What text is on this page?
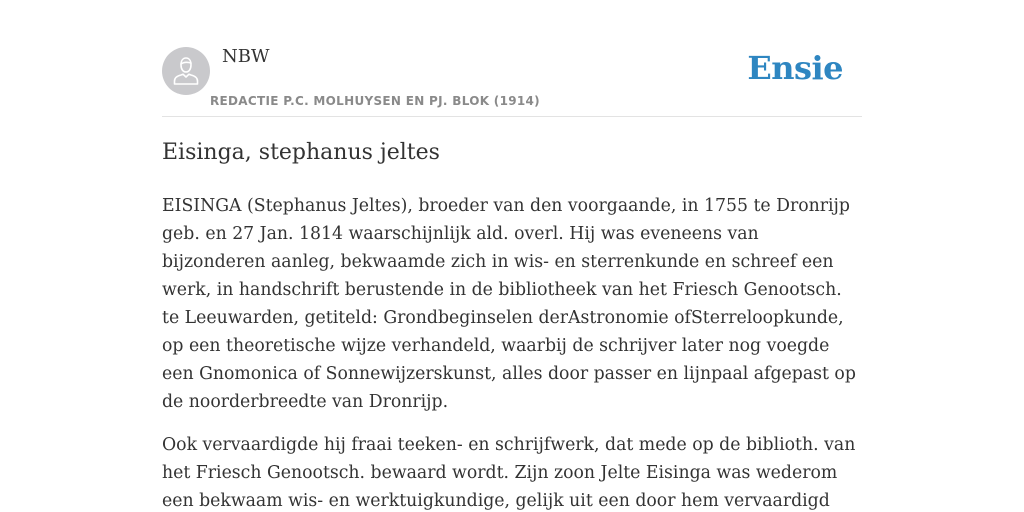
NBW
REDACTIE P.C. MOLHUYSEN EN PJ. BLOK (1914)
Ensie
Eisinga, stephanus jeltes

EISINGA (Stephanus Jeltes), broeder van den voorgaande, in 1755 te Dronrijp geb. en 27 Jan. 1814 waarschijnlijk ald. overl. Hij was eveneens van bijzonderen aanleg, bekwaamde zich in wis- en sterrenkunde en schreef een werk, in handschrift berustende in de bibliotheek van het Friesch Genootsch. te Leeuwarden, getiteld: Grondbeginselen derAstronomie ofSterreloopkunde, op een theoretische wijze verhandeld, waarbij de schrijver later nog voegde een Gnomonica of Sonnewijzerskunst, alles door passer en lijnpaal afgepast op de noorderbreedte van Dronrijp.

Ook vervaardigde hij fraai teeken- en schrijfwerk, dat mede op de biblioth. van het Friesch Genootsch. bewaard wordt. Zijn zoon Jelte Eisinga was wederom een bekwaam wis- en werktuigkundige, gelijk uit een door hem vervaardigd
